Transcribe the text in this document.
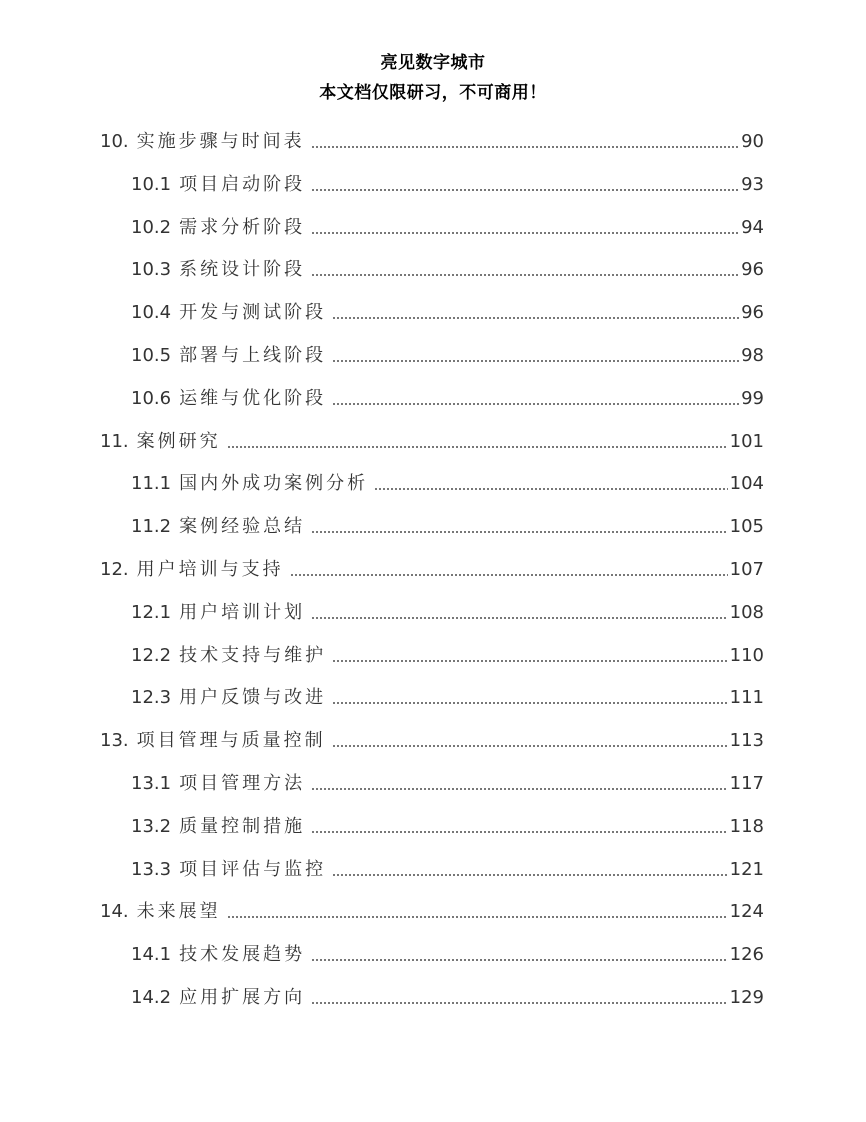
亮见数字城市
本文档仅限研习，不可商用！
10. 实施步骤与时间表	90
10.1 项目启动阶段	93
10.2 需求分析阶段	94
10.3 系统设计阶段	96
10.4 开发与测试阶段	96
10.5 部署与上线阶段	98
10.6 运维与优化阶段	99
11. 案例研究	101
11.1 国内外成功案例分析	104
11.2 案例经验总结	105
12. 用户培训与支持	107
12.1 用户培训计划	108
12.2 技术支持与维护	110
12.3 用户反馈与改进	111
13. 项目管理与质量控制	113
13.1 项目管理方法	117
13.2 质量控制措施	118
13.3 项目评估与监控	121
14. 未来展望	124
14.1 技术发展趋势	126
14.2 应用扩展方向	129
